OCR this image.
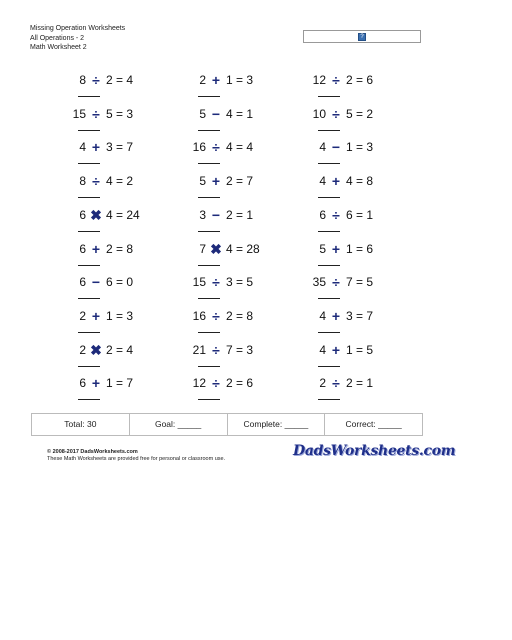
Missing Operation Worksheets
All Operations - 2
Math Worksheet 2
?
8 ÷ 2 = 4
15 ÷ 5 = 3
4 + 3 = 7
8 ÷ 4 = 2
6 ✖ 4 = 24
6 + 2 = 8
6 − 6 = 0
2 + 1 = 3
2 ✖ 2 = 4
6 + 1 = 7
2 + 1 = 3
5 − 4 = 1
16 ÷ 4 = 4
5 + 2 = 7
3 − 2 = 1
7 ✖ 4 = 28
15 ÷ 3 = 5
16 ÷ 2 = 8
21 ÷ 7 = 3
12 ÷ 2 = 6
12 ÷ 2 = 6
10 ÷ 5 = 2
4 − 1 = 3
4 + 4 = 8
6 ÷ 6 = 1
5 + 1 = 6
35 ÷ 7 = 5
4 + 3 = 7
4 + 1 = 5
2 ÷ 2 = 1
Total: 30	Goal: _____	Complete: _____	Correct: _____
© 2008-2017 DadsWorksheets.com
These Math Worksheets are provided free for personal or classroom use.	DadsWorksheets.com
